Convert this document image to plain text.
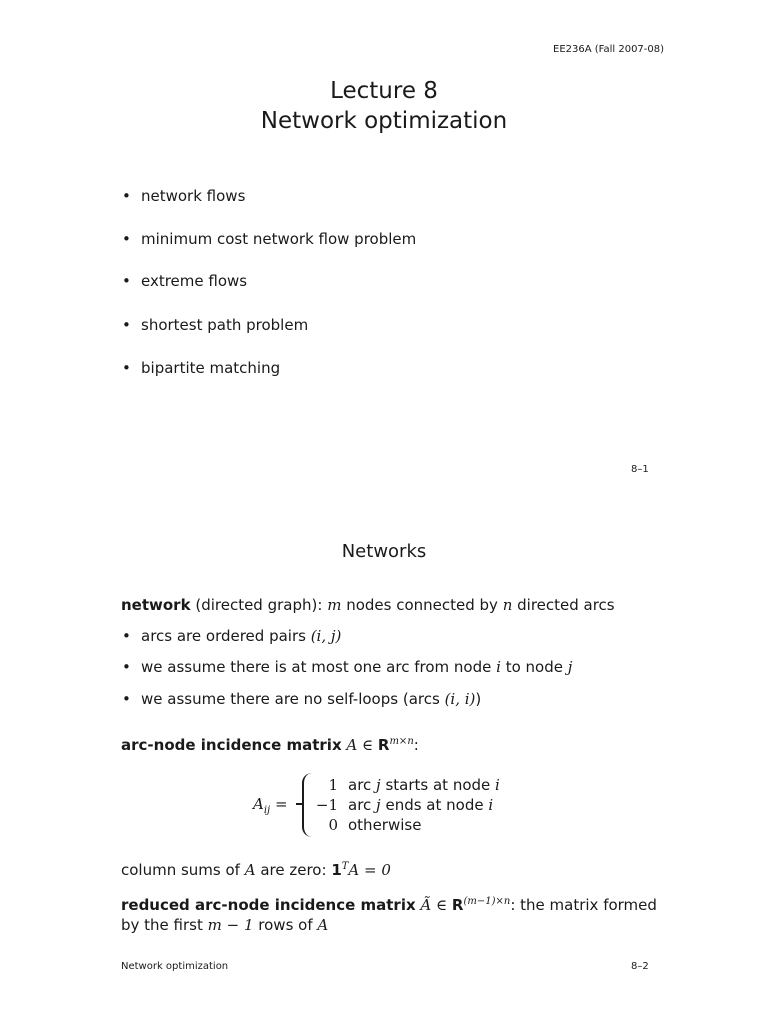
EE236A (Fall 2007-08)
Lecture 8
Network optimization
• network flows
• minimum cost network flow problem
• extreme flows
• shortest path problem
• bipartite matching
8–1
Networks
network (directed graph): m nodes connected by n directed arcs
• arcs are ordered pairs (i, j)
• we assume there is at most one arc from node i to node j
• we assume there are no self-loops (arcs (i, i))
arc-node incidence matrix A ∈ $R^{m\times n}$:
$A_{ij}$ =
1 arc j starts at node i
−1 arc j ends at node i
0 otherwise
column sums of A are zero: $1^TA = 0$
reduced arc-node incidence matrix Ã ∈ $R^{(m-1)\times n}$: the matrix formed
by the first m − 1 rows of A
Network optimization	8–2
